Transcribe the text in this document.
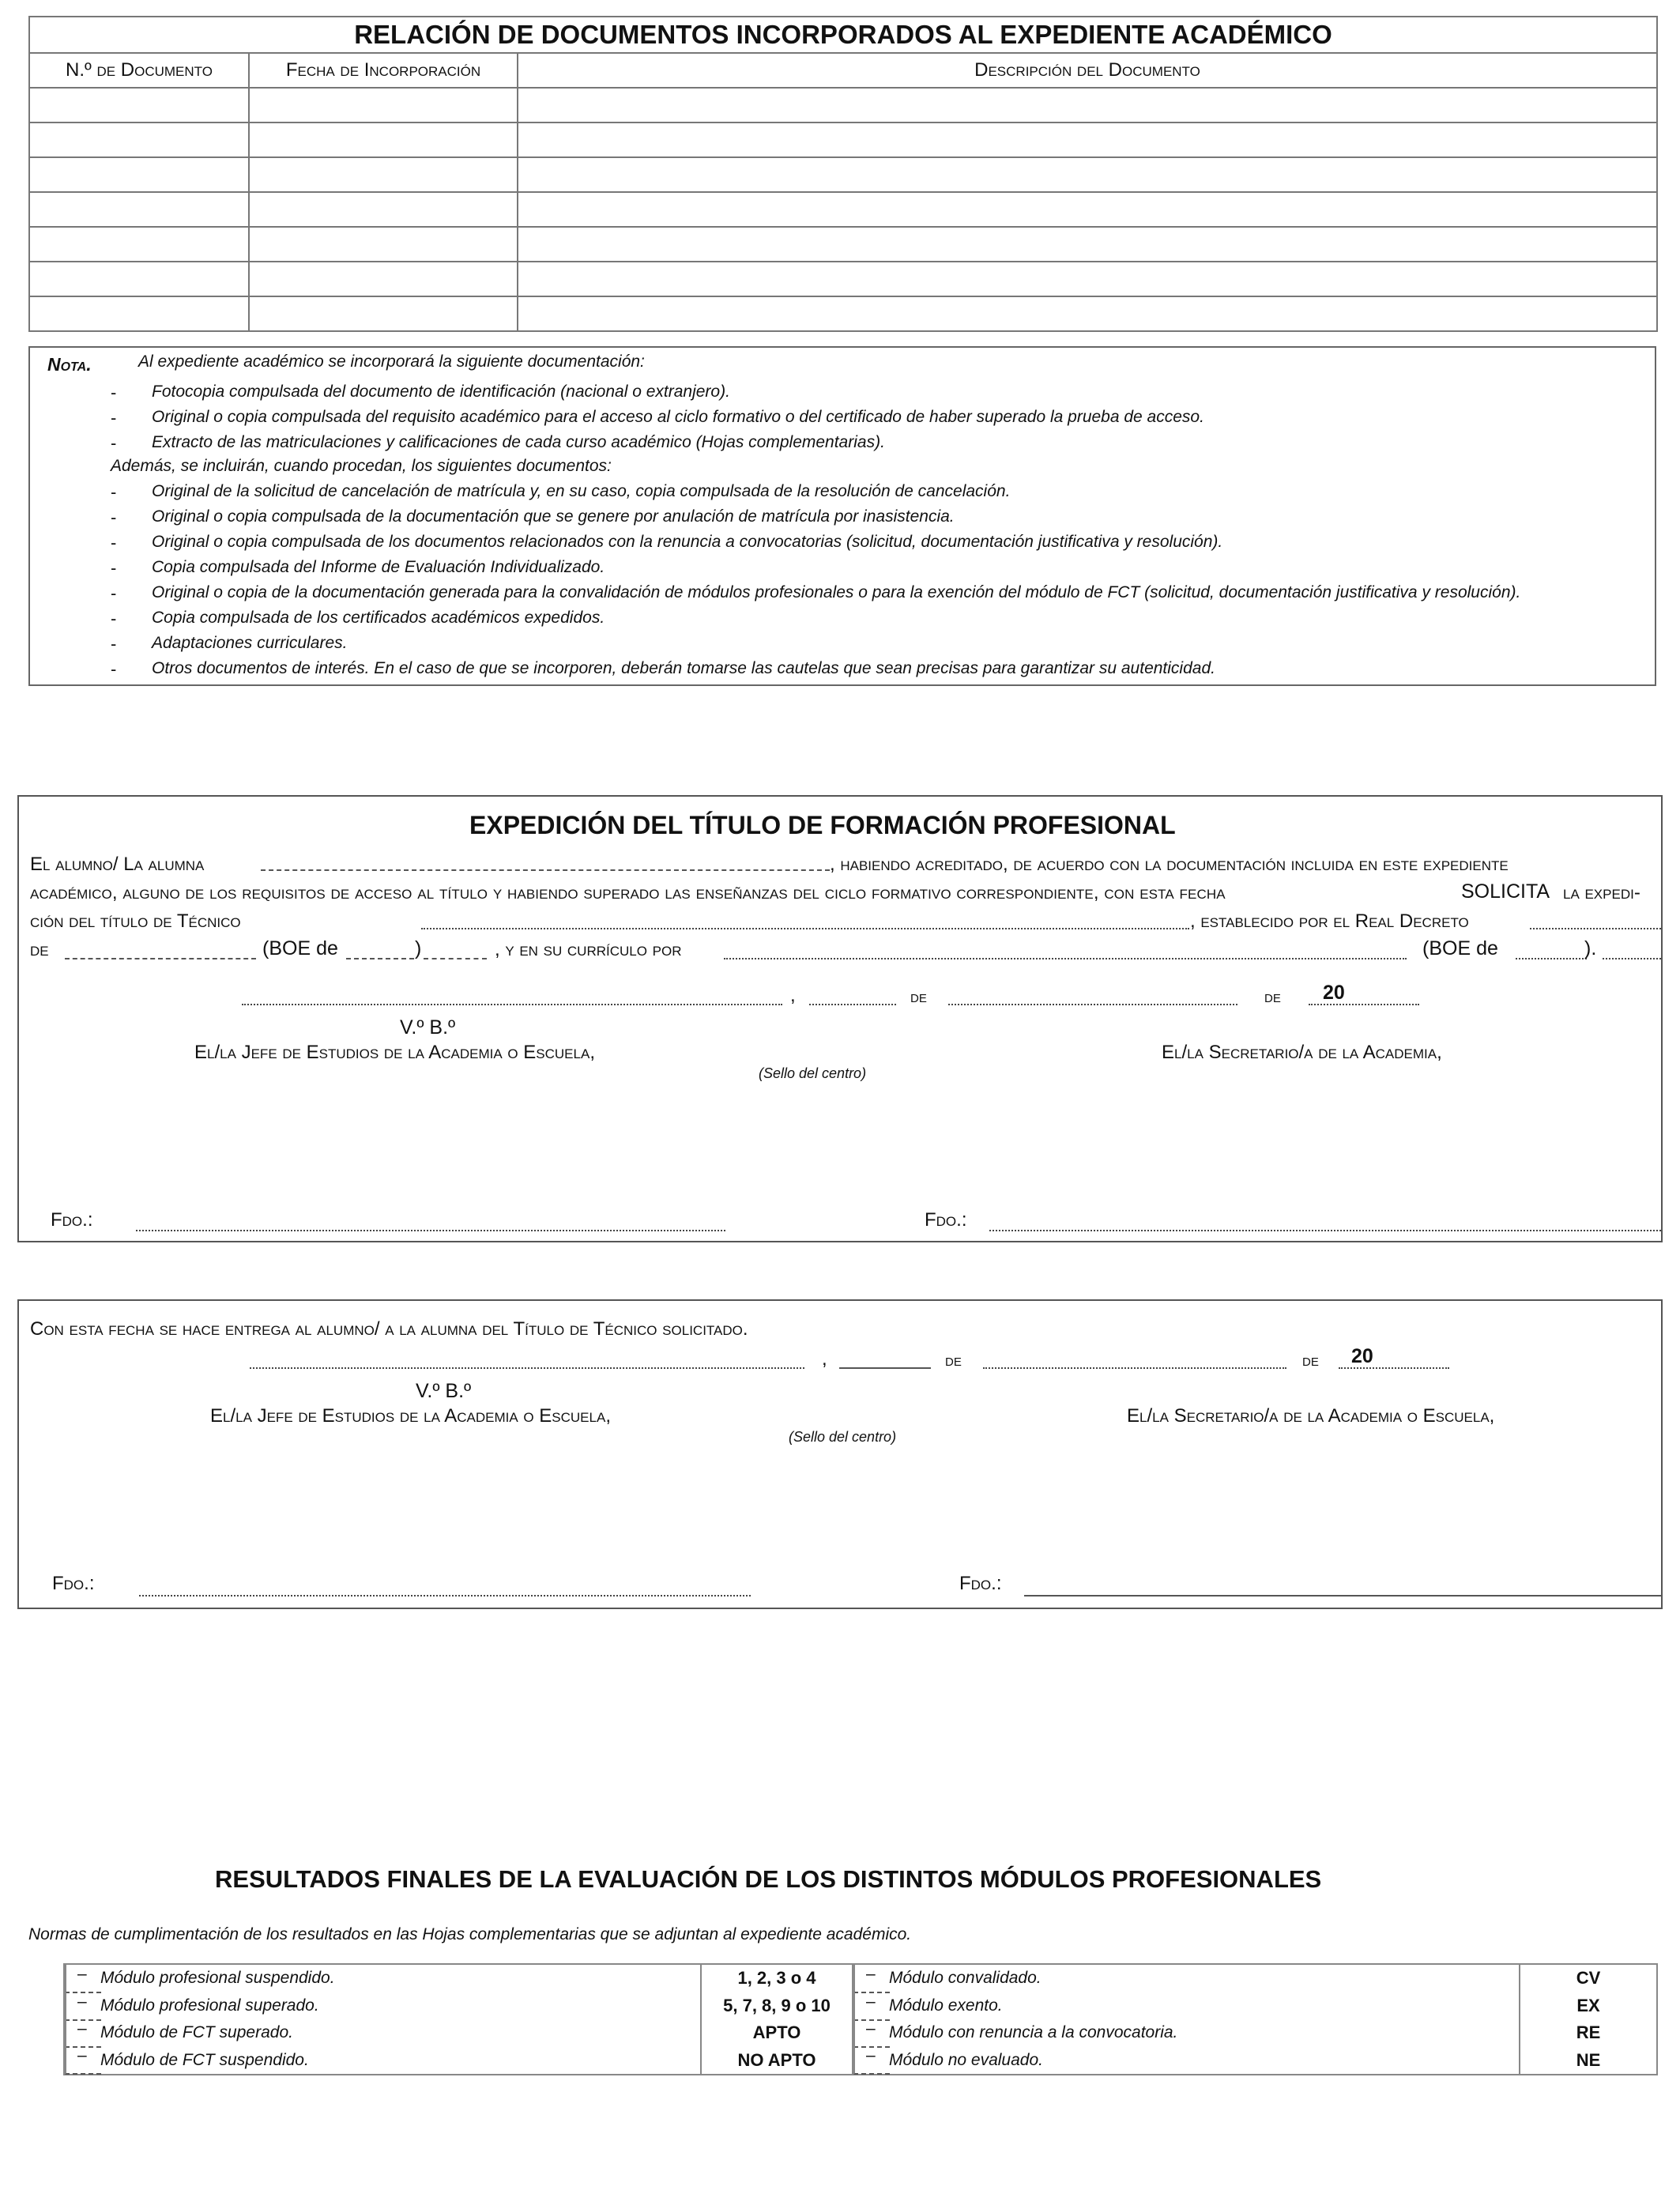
RELACIÓN DE DOCUMENTOS INCORPORADOS AL EXPEDIENTE ACADÉMICO		
N.º de Documento	Fecha de Incorporación	Descripción del Documento

Nota.	Al expediente académico se incorporará la siguiente documentación:
- Fotocopia compulsada del documento de identificación (nacional o extranjero).
- Original o copia compulsada del requisito académico para el acceso al ciclo formativo o del certificado de haber superado la prueba de acceso.
- Extracto de las matriculaciones y calificaciones de cada curso académico (Hojas complementarias).
Además, se incluirán, cuando procedan, los siguientes documentos:
- Original de la solicitud de cancelación de matrícula y, en su caso, copia compulsada de la resolución de cancelación.
- Original o copia compulsada de la documentación que se genere por anulación de matrícula por inasistencia.
- Original o copia compulsada de los documentos relacionados con la renuncia a convocatorias (solicitud, documentación justificativa y resolución).
- Copia compulsada del Informe de Evaluación Individualizado.
- Original o copia de la documentación generada para la convalidación de módulos profesionales o para la exención del módulo de FCT (solicitud, documentación justificativa y resolución).
- Copia compulsada de los certificados académicos expedidos.
- Adaptaciones curriculares.
- Otros documentos de interés. En el caso de que se incorporen, deberán tomarse las cautelas que sean precisas para garantizar su autenticidad.
EXPEDICIÓN DEL TÍTULO DE FORMACIÓN PROFESIONAL
El alumno/ La alumna	, habiendo acreditado, de acuerdo con la documentación incluida en este expediente
académico, alguno de los requisitos de acceso al título y habiendo superado las enseñanzas del ciclo formativo correspondiente, con esta fecha	SOLICITA la expedi-
ción del título de Técnico	, establecido por el Real Decreto
de	(BOE de	)	, y en su currículo por	(BOE de	).
,	de	de 20
V.º B.º
El/la Jefe de Estudios de la Academia o Escuela,	El/la Secretario/a de la Academia,
(Sello del centro)
Fdo.:	Fdo.:
Con esta fecha se hace entrega al alumno/ a la alumna del Título de Técnico solicitado.
,	de	de 20
V.º B.º
El/la Jefe de Estudios de la Academia o Escuela,	El/la Secretario/a de la Academia o Escuela,
(Sello del centro)
Fdo.:	Fdo.:
RESULTADOS FINALES DE LA EVALUACIÓN DE LOS DISTINTOS MÓDULOS PROFESIONALES
Normas de cumplimentación de los resultados en las Hojas complementarias que se adjuntan al expediente académico.
– Módulo profesional suspendido.	1, 2, 3 o 4		– Módulo convalidado.	CV

– Módulo profesional superado.	5, 7, 8, 9 o 10		– Módulo exento.	EX

– Módulo de FCT superado.	APTO		– Módulo con renuncia a la convocatoria.	RE

– Módulo de FCT suspendido.	NO APTO		– Módulo no evaluado.	NE
